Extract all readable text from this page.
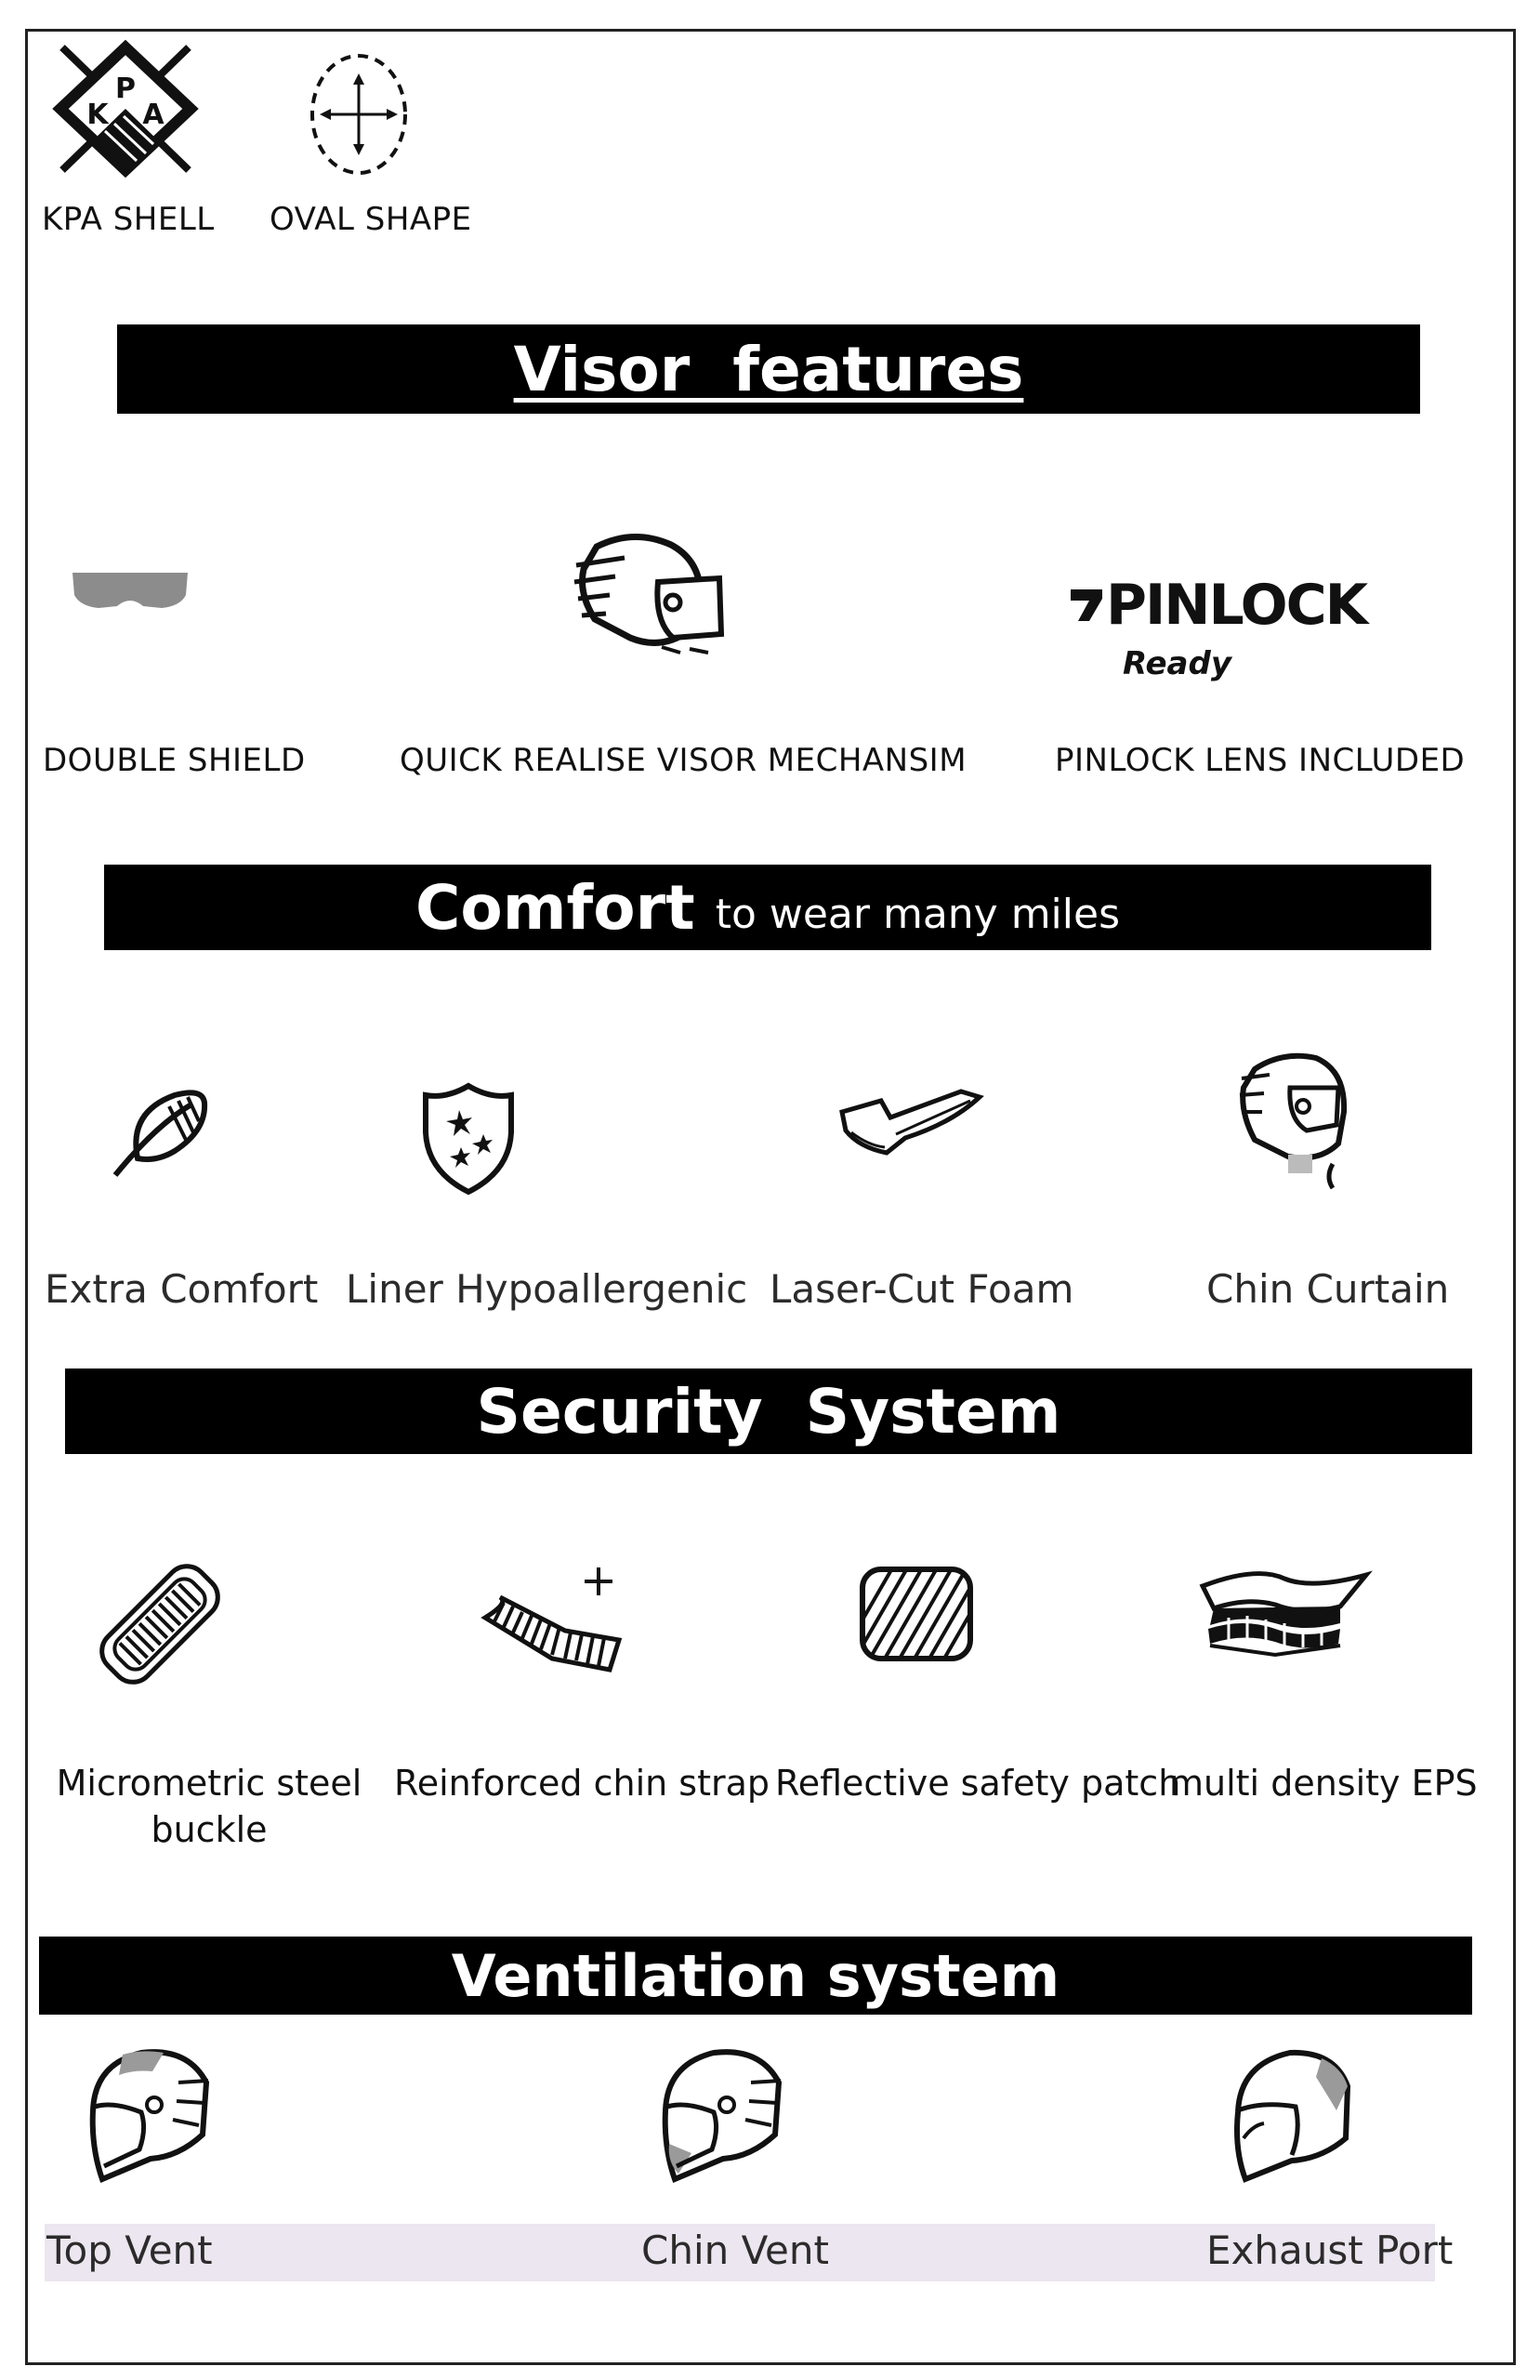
P
K A
KPA SHELL OVAL SHAPE
Visor  features
DOUBLE SHIELD	QUICK REALISE VISOR MECHANSIM
PINLOCK
Ready
PINLOCK LENS INCLUDED
Comfort to wear many miles
Extra Comfort Liner Hypoallergenic Laser-Cut Foam	Chin Curtain
Security  System
Micrometric steel
buckle
Reinforced chin strap Reflective safety patch
multi density EPS
Ventilation system
Top Vent	Chin Vent	Exhaust Port
